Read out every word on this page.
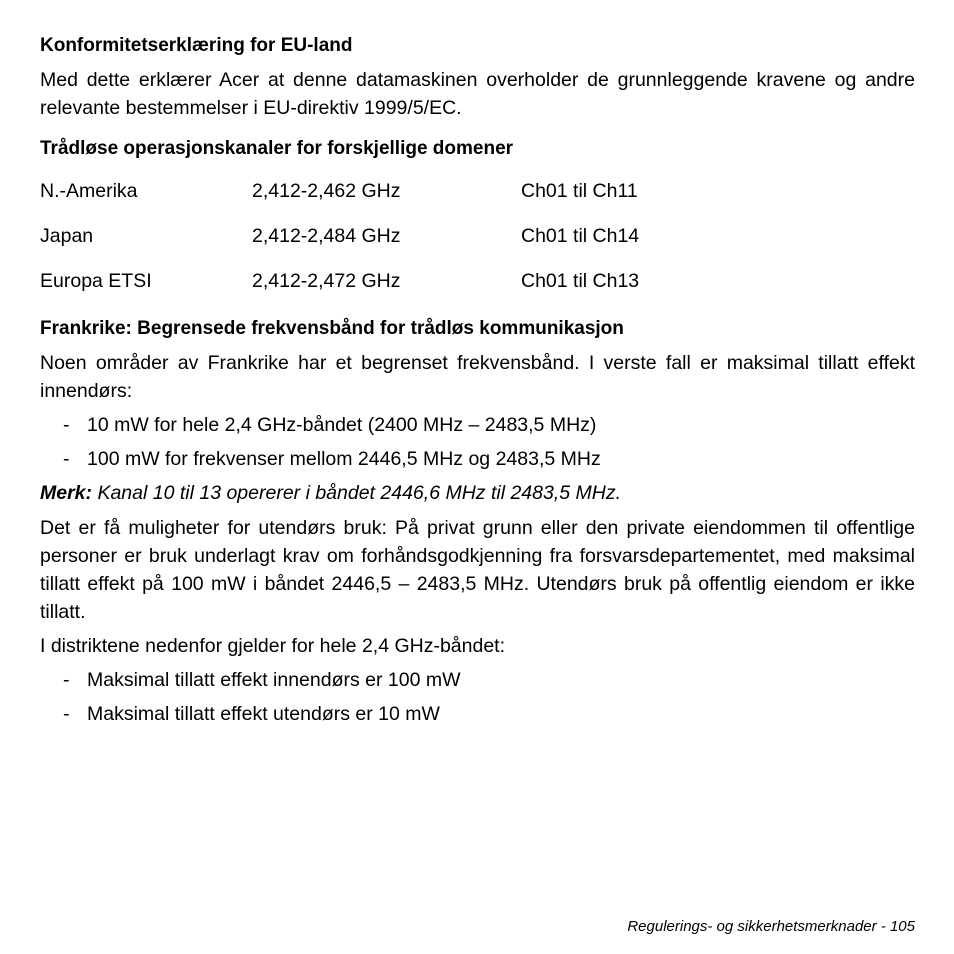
Konformitetserklæring for EU-land

Med dette erklærer Acer at denne datamaskinen overholder de grunnleggende kravene og andre relevante bestemmelser i EU-direktiv 1999/5/EC.

Trådløse operasjonskanaler for forskjellige domener

N.-Amerika	2,412-2,462 GHz	Ch01 til Ch11
Japan	2,412-2,484 GHz	Ch01 til Ch14
Europa ETSI	2,412-2,472 GHz	Ch01 til Ch13

Frankrike: Begrensede frekvensbånd for trådløs kommunikasjon

Noen områder av Frankrike har et begrenset frekvensbånd. I verste fall er maksimal tillatt effekt innendørs:

- 10 mW for hele 2,4 GHz-båndet (2400 MHz – 2483,5 MHz)
- 100 mW for frekvenser mellom 2446,5 MHz og 2483,5 MHz

Merk: Kanal 10 til 13 opererer i båndet 2446,6 MHz til 2483,5 MHz.

Det er få muligheter for utendørs bruk: På privat grunn eller den private eiendommen til offentlige personer er bruk underlagt krav om forhåndsgodkjenning fra forsvarsdepartementet, med maksimal tillatt effekt på 100 mW i båndet 2446,5 – 2483,5 MHz. Utendørs bruk på offentlig eiendom er ikke tillatt.

I distriktene nedenfor gjelder for hele 2,4 GHz-båndet:

- Maksimal tillatt effekt innendørs er 100 mW
- Maksimal tillatt effekt utendørs er 10 mW
Regulerings- og sikkerhetsmerknader - 105
